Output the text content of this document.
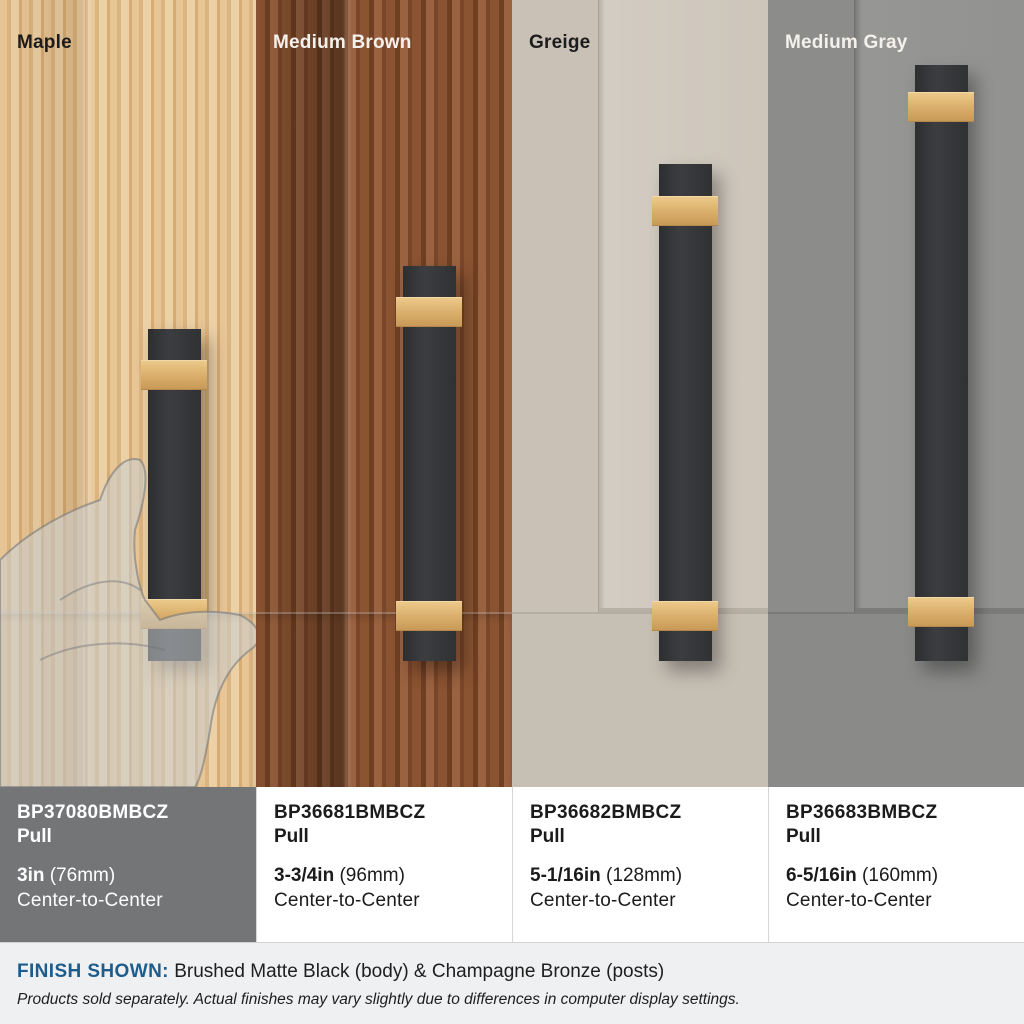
Maple	Medium Brown	Greige	Medium Gray
BP37080BMBCZ
Pull
3in (76mm)
Center-to-Center
BP36681BMBCZ
Pull
3-3/4in (96mm)
Center-to-Center
BP36682BMBCZ
Pull
5-1/16in (128mm)
Center-to-Center
BP36683BMBCZ
Pull
6-5/16in (160mm)
Center-to-Center
FINISH SHOWN: Brushed Matte Black (body) & Champagne Bronze (posts)
Products sold separately. Actual finishes may vary slightly due to differences in computer display settings.
